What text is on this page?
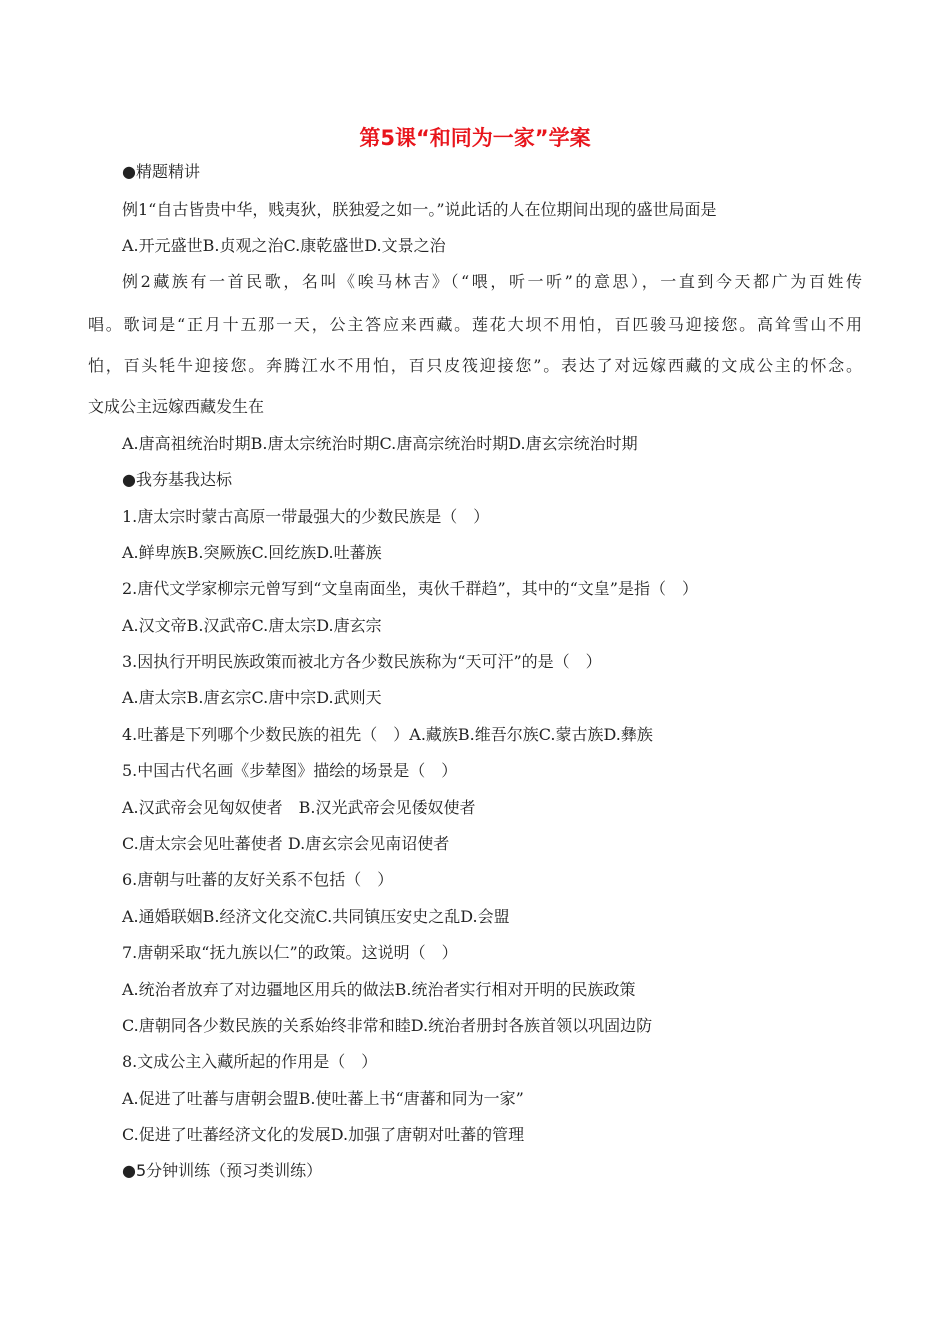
第5课“和同为一家”学案
●精题精讲
例1“自古皆贵中华，贱夷狄，朕独爱之如一。”说此话的人在位期间出现的盛世局面是
A.开元盛世B.贞观之治C.康乾盛世D.文景之治
例2藏族有一首民歌，名叫《唉马林吉》（“喂，听一听”的意思），一直到今天都广为百姓传
唱。歌词是“正月十五那一天，公主答应来西藏。莲花大坝不用怕，百匹骏马迎接您。高耸雪山不用
怕，百头牦牛迎接您。奔腾江水不用怕，百只皮筏迎接您”。表达了对远嫁西藏的文成公主的怀念。
文成公主远嫁西藏发生在
A.唐高祖统治时期B.唐太宗统治时期C.唐高宗统治时期D.唐玄宗统治时期
●我夯基我达标
1.唐太宗时蒙古高原一带最强大的少数民族是（　）
A.鲜卑族B.突厥族C.回纥族D.吐蕃族
2.唐代文学家柳宗元曾写到“文皇南面坐，夷伙千群趋”，其中的“文皇”是指（　）
A.汉文帝B.汉武帝C.唐太宗D.唐玄宗
3.因执行开明民族政策而被北方各少数民族称为“天可汗”的是（　）
A.唐太宗B.唐玄宗C.唐中宗D.武则天
4.吐蕃是下列哪个少数民族的祖先（　）A.藏族B.维吾尔族C.蒙古族D.彝族
5.中国古代名画《步辇图》描绘的场景是（　）
A.汉武帝会见匈奴使者　B.汉光武帝会见倭奴使者
C.唐太宗会见吐蕃使者 D.唐玄宗会见南诏使者
6.唐朝与吐蕃的友好关系不包括（　）
A.通婚联姻B.经济文化交流C.共同镇压安史之乱D.会盟
7.唐朝采取“抚九族以仁”的政策。这说明（　）
A.统治者放弃了对边疆地区用兵的做法B.统治者实行相对开明的民族政策
C.唐朝同各少数民族的关系始终非常和睦D.统治者册封各族首领以巩固边防
8.文成公主入藏所起的作用是（　）
A.促进了吐蕃与唐朝会盟B.使吐蕃上书“唐蕃和同为一家”
C.促进了吐蕃经济文化的发展D.加强了唐朝对吐蕃的管理
●5分钟训练（预习类训练）
